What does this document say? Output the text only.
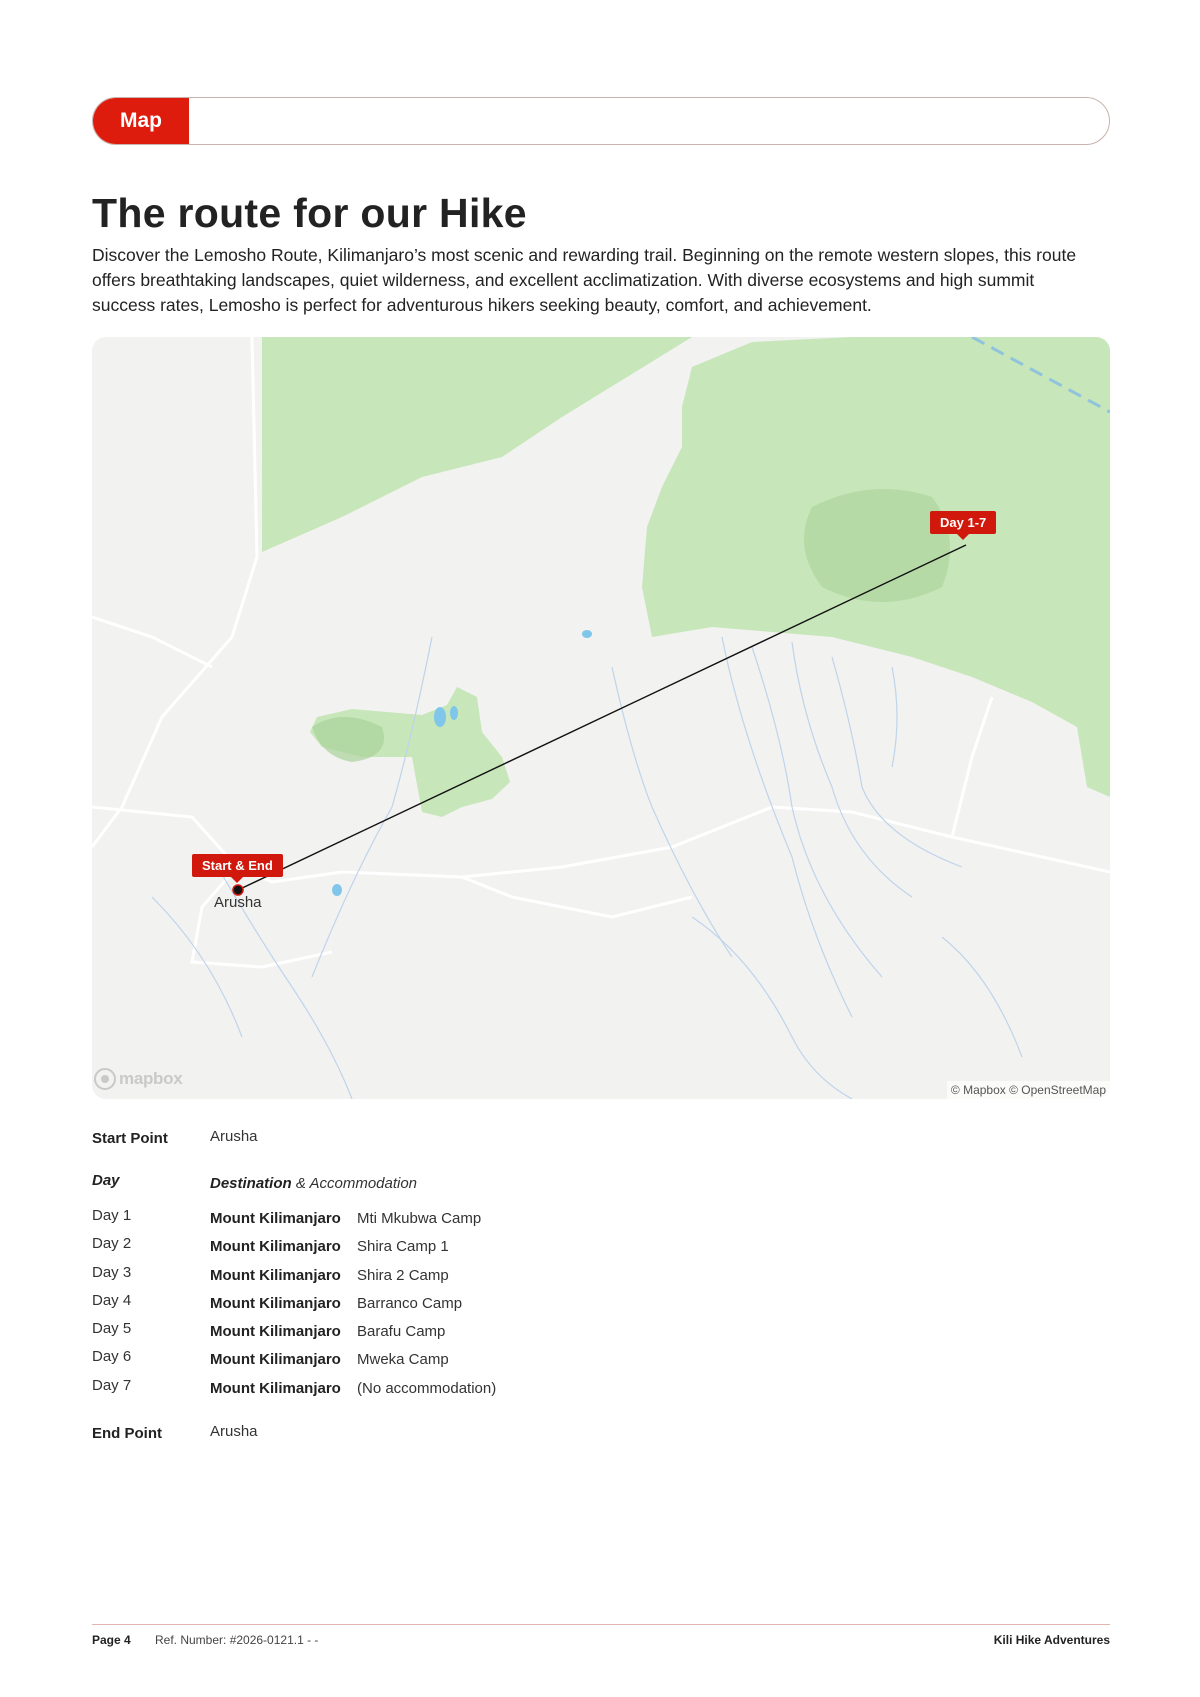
Map
The route for our Hike

Discover the Lemosho Route, Kilimanjaro’s most scenic and rewarding trail. Beginning on the remote western slopes, this route offers breathtaking landscapes, quiet wilderness, and excellent acclimatization. With diverse ecosystems and high summit success rates, Lemosho is perfect for adventurous hikers seeking beauty, comfort, and achievement.

Start & End
Day 1-7
Arusha
mapbox
© Mapbox © OpenStreetMap
Start Point	Arusha
Day	Destination & Accommodation
Day 1	Mount Kilimanjaro Mti Mkubwa Camp
Day 2	Mount Kilimanjaro Shira Camp 1
Day 3	Mount Kilimanjaro Shira 2 Camp
Day 4	Mount Kilimanjaro Barranco Camp
Day 5	Mount Kilimanjaro Barafu Camp
Day 6	Mount Kilimanjaro Mweka Camp
Day 7	Mount Kilimanjaro (No accommodation)
End Point	Arusha
Page 4 Ref. Number: #2026-0121.1 - -	Kili Hike Adventures
